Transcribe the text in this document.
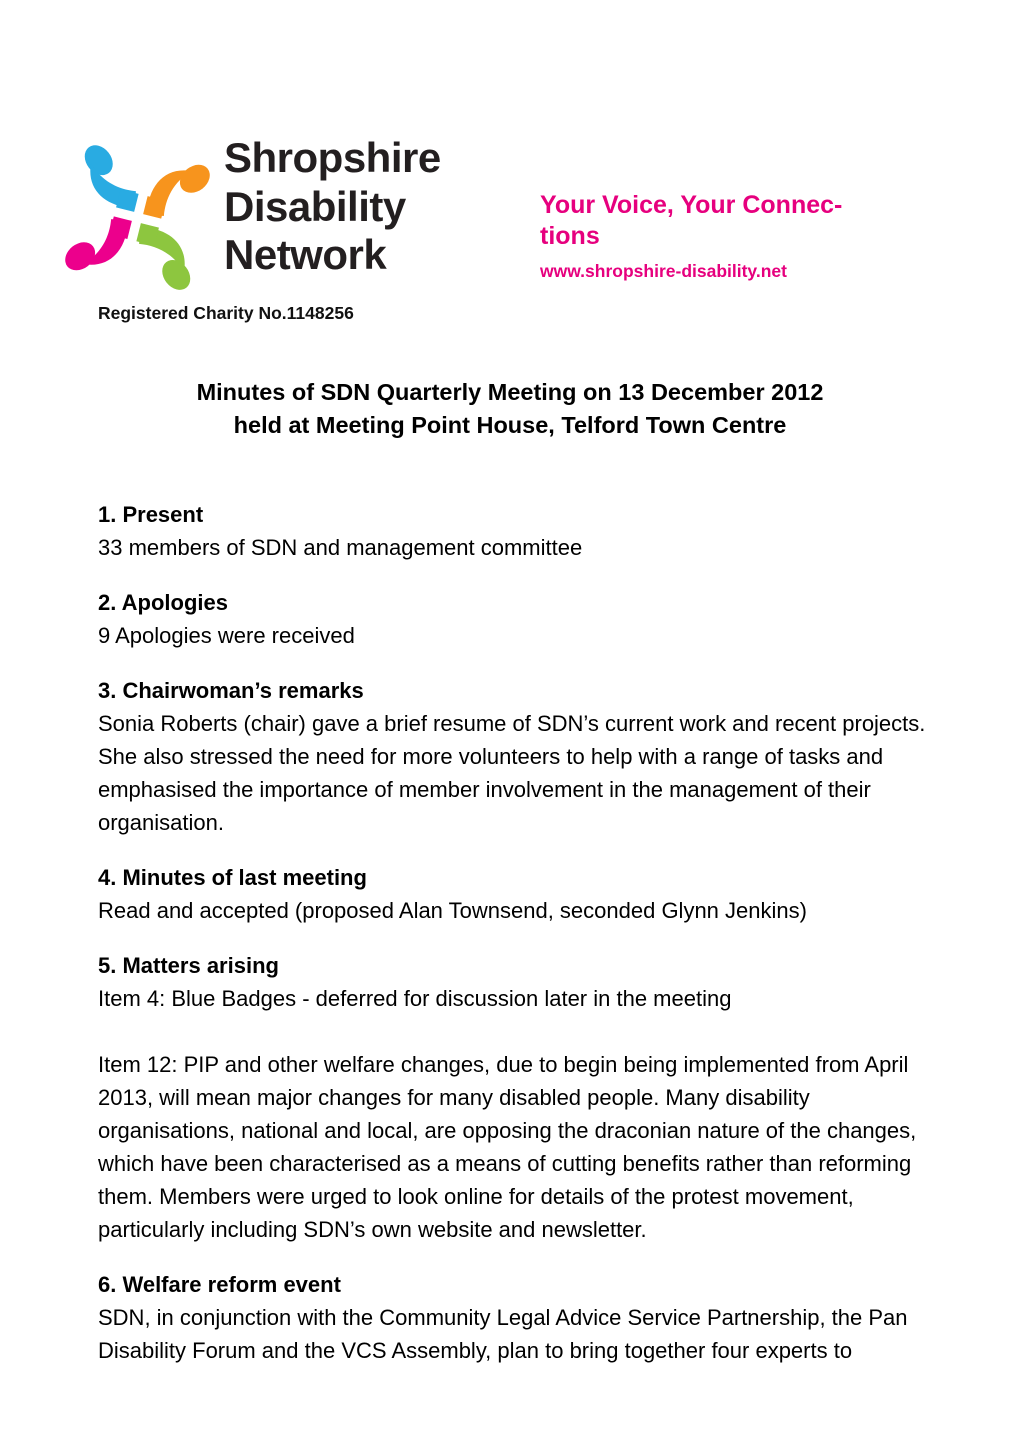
Shropshire
Disability
Network
Your Voice, Your Connec-
tions
www.shropshire-disability.net
Registered Charity No.1148256
Minutes of SDN Quarterly Meeting on 13 December 2012
held at Meeting Point House, Telford Town Centre
1. Present

33 members of SDN and management committee

2. Apologies

9 Apologies were received

3. Chairwoman’s remarks

Sonia Roberts (chair) gave a brief resume of SDN’s current work and recent projects. She also stressed the need for more volunteers to help with a range of tasks and emphasised the importance of member involvement in the management of their organisation.

4. Minutes of last meeting

Read and accepted (proposed Alan Townsend, seconded Glynn Jenkins)

5. Matters arising

Item 4: Blue Badges - deferred for discussion later in the meeting

Item 12: PIP and other welfare changes, due to begin being implemented from April 2013, will mean major changes for many disabled people. Many disability organisations, national and local, are opposing the draconian nature of the changes, which have been characterised as a means of cutting benefits rather than reforming them. Members were urged to look online for details of the protest movement, particularly including SDN’s own website and newsletter.

6. Welfare reform event

SDN, in conjunction with the Community Legal Advice Service Partnership, the Pan Disability Forum and the VCS Assembly, plan to bring together four experts to
